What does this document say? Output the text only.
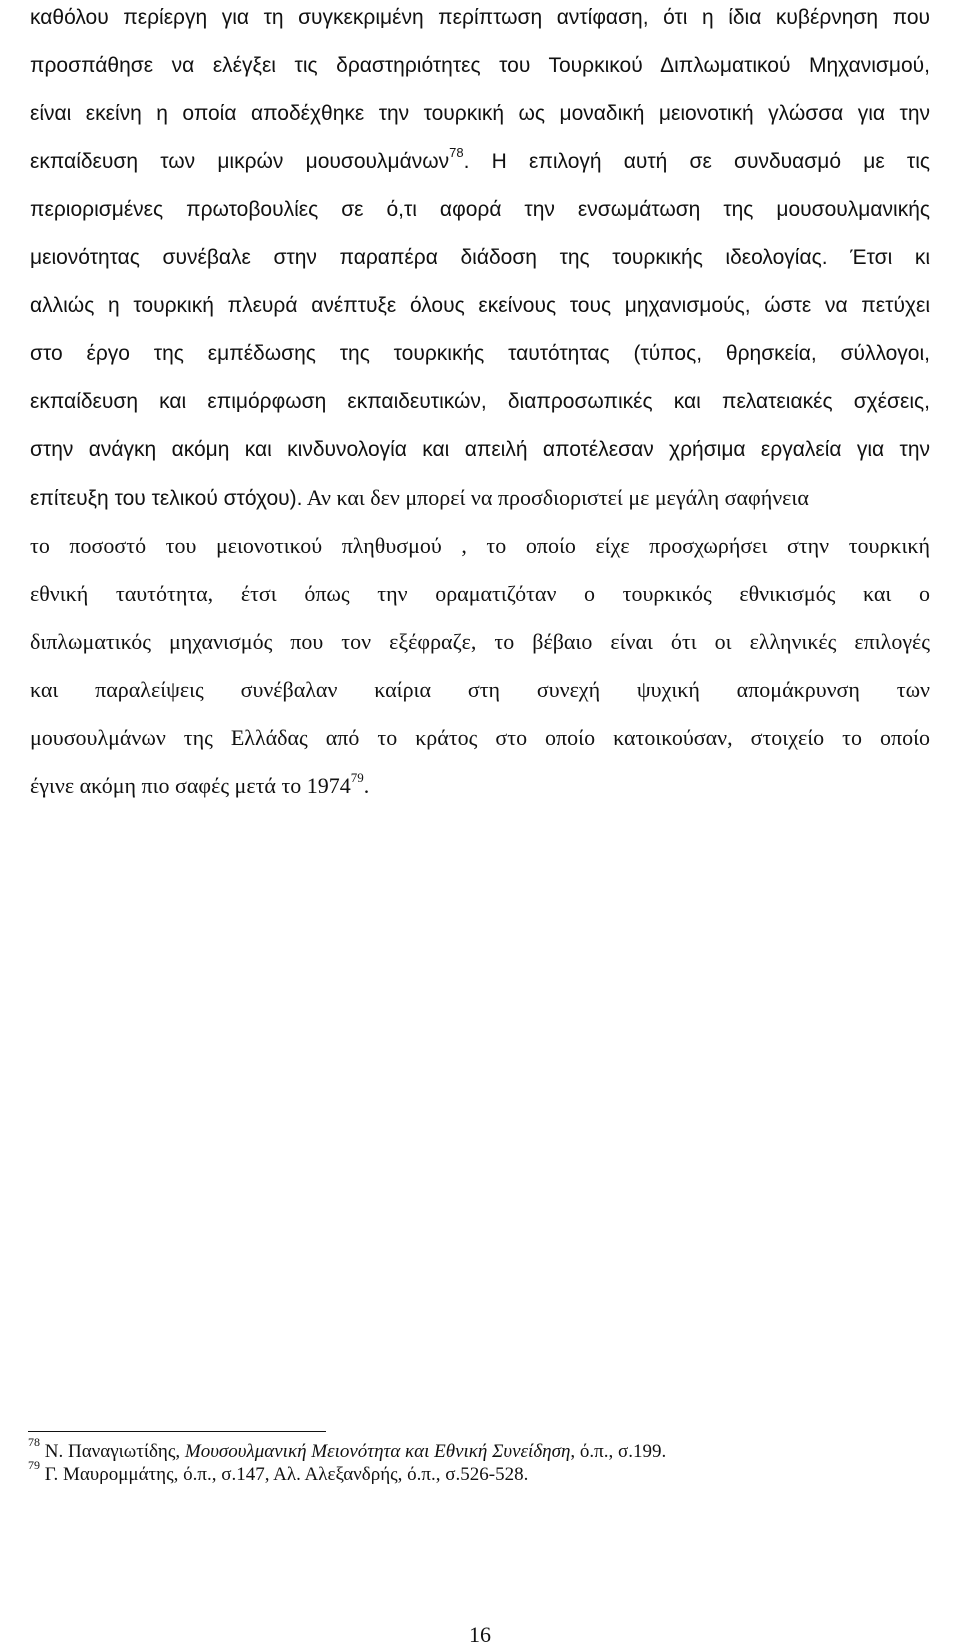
καθόλου περίεργη για τη συγκεκριμένη περίπτωση αντίφαση, ότι η ίδια κυβέρνηση που
προσπάθησε να ελέγξει τις δραστηριότητες του Τουρκικού Διπλωματικού Μηχανισμού,
είναι εκείνη η οποία αποδέχθηκε την τουρκική ως μοναδική μειονοτική γλώσσα για την
εκπαίδευση των μικρών μουσουλμάνων$^{78}$. Η επιλογή αυτή σε συνδυασμό με τις
περιορισμένες πρωτοβουλίες σε ό,τι αφορά την ενσωμάτωση της μουσουλμανικής
μειονότητας συνέβαλε στην παραπέρα διάδοση της τουρκικής ιδεολογίας. Έτσι κι
αλλιώς η τουρκική πλευρά ανέπτυξε όλους εκείνους τους μηχανισμούς, ώστε να πετύχει
στο έργο της εμπέδωσης της τουρκικής ταυτότητας (τύπος, θρησκεία, σύλλογοι,
εκπαίδευση και επιμόρφωση εκπαιδευτικών, διαπροσωπικές και πελατειακές σχέσεις,
στην ανάγκη ακόμη και κινδυνολογία και απειλή αποτέλεσαν χρήσιμα εργαλεία για την
επίτευξη του τελικού στόχου). Αν και δεν μπορεί να προσδιοριστεί με μεγάλη σαφήνεια
το ποσοστό του μειονοτικού πληθυσμού , το οποίο είχε προσχωρήσει στην τουρκική
εθνική ταυτότητα, έτσι όπως την οραματιζόταν ο τουρκικός εθνικισμός και ο
διπλωματικός μηχανισμός που τον εξέφραζε, το βέβαιο είναι ότι οι ελληνικές επιλογές
και παραλείψεις συνέβαλαν καίρια στη συνεχή ψυχική απομάκρυνση των
μουσουλμάνων της Ελλάδας από το κράτος στο οποίο κατοικούσαν, στοιχείο το οποίο
έγινε ακόμη πιο σαφές μετά το 1974$^{79}$.
$^{78}$ Ν. Παναγιωτίδης, Μουσουλμανική Μειονότητα και Εθνική Συνείδηση, ό.π., σ.199.
$^{79}$ Γ. Μαυρομμάτης, ό.π., σ.147, Αλ. Αλεξανδρής, ό.π., σ.526-528.
16
